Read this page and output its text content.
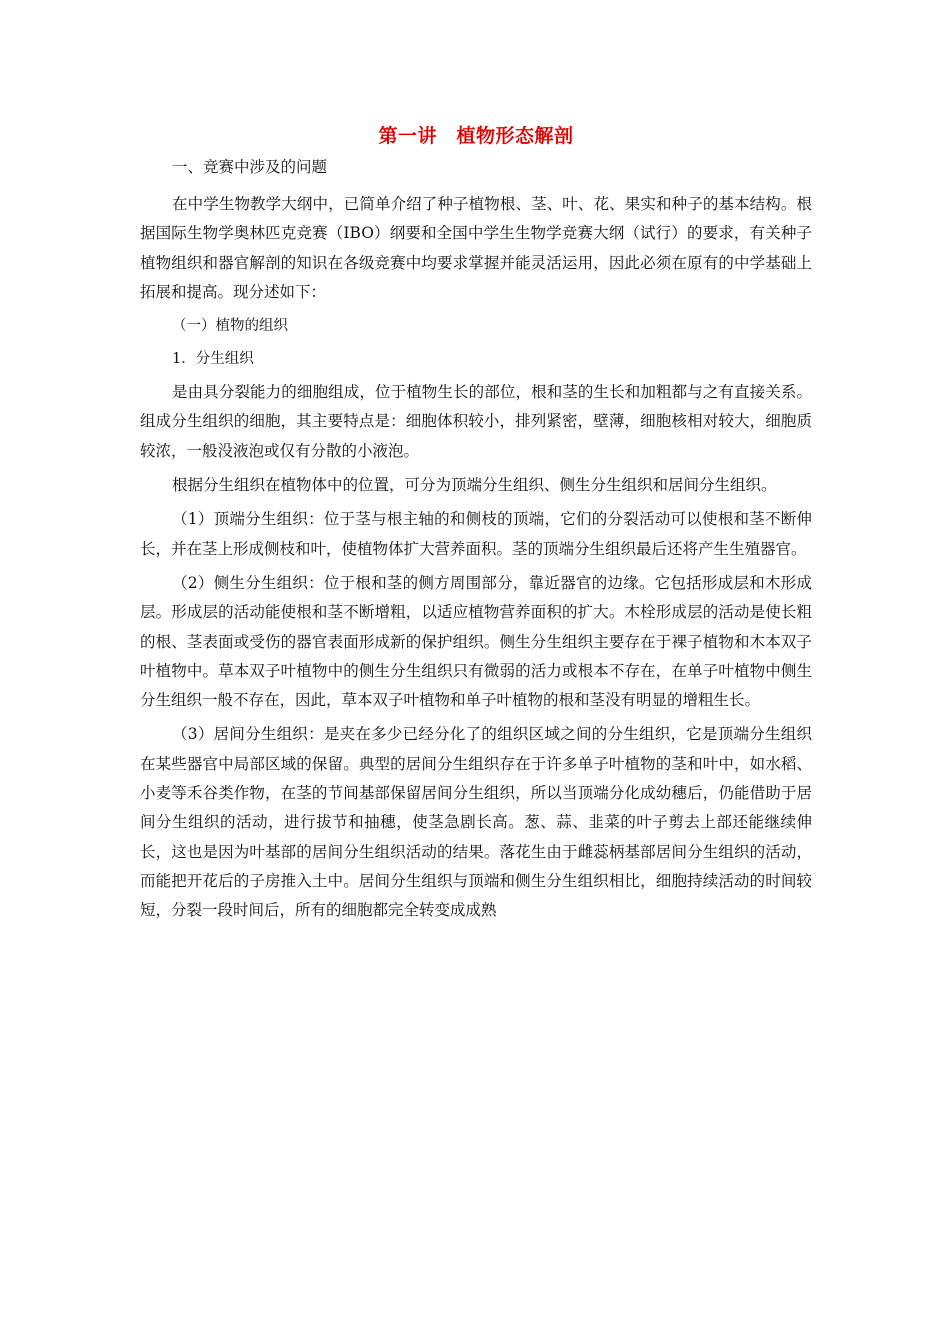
第一讲　植物形态解剖
一、竞赛中涉及的问题

在中学生物教学大纲中，已简单介绍了种子植物根、茎、叶、花、果实和种子的基本结构。根据国际生物学奥林匹克竞赛（IBO）纲要和全国中学生生物学竞赛大纲（试行）的要求，有关种子植物组织和器官解剖的知识在各级竞赛中均要求掌握并能灵活运用，因此必须在原有的中学基础上拓展和提高。现分述如下：

（一）植物的组织
1．分生组织

是由具分裂能力的细胞组成，位于植物生长的部位，根和茎的生长和加粗都与之有直接关系。组成分生组织的细胞，其主要特点是：细胞体积较小，排列紧密，壁薄，细胞核相对较大，细胞质较浓，一般没液泡或仅有分散的小液泡。

根据分生组织在植物体中的位置，可分为顶端分生组织、侧生分生组织和居间分生组织。

（1）顶端分生组织：位于茎与根主轴的和侧枝的顶端，它们的分裂活动可以使根和茎不断伸长，并在茎上形成侧枝和叶，使植物体扩大营养面积。茎的顶端分生组织最后还将产生生殖器官。

（2）侧生分生组织：位于根和茎的侧方周围部分，靠近器官的边缘。它包括形成层和木形成层。形成层的活动能使根和茎不断增粗，以适应植物营养面积的扩大。木栓形成层的活动是使长粗的根、茎表面或受伤的器官表面形成新的保护组织。侧生分生组织主要存在于裸子植物和木本双子叶植物中。草本双子叶植物中的侧生分生组织只有微弱的活力或根本不存在，在单子叶植物中侧生分生组织一般不存在，因此，草本双子叶植物和单子叶植物的根和茎没有明显的增粗生长。

（3）居间分生组织：是夹在多少已经分化了的组织区域之间的分生组织，它是顶端分生组织在某些器官中局部区域的保留。典型的居间分生组织存在于许多单子叶植物的茎和叶中，如水稻、小麦等禾谷类作物，在茎的节间基部保留居间分生组织，所以当顶端分化成幼穗后，仍能借助于居间分生组织的活动，进行拔节和抽穗，使茎急剧长高。葱、蒜、韭菜的叶子剪去上部还能继续伸长，这也是因为叶基部的居间分生组织活动的结果。落花生由于雌蕊柄基部居间分生组织的活动，而能把开花后的子房推入土中。居间分生组织与顶端和侧生分生组织相比，细胞持续活动的时间较短，分裂一段时间后，所有的细胞都完全转变成成熟
